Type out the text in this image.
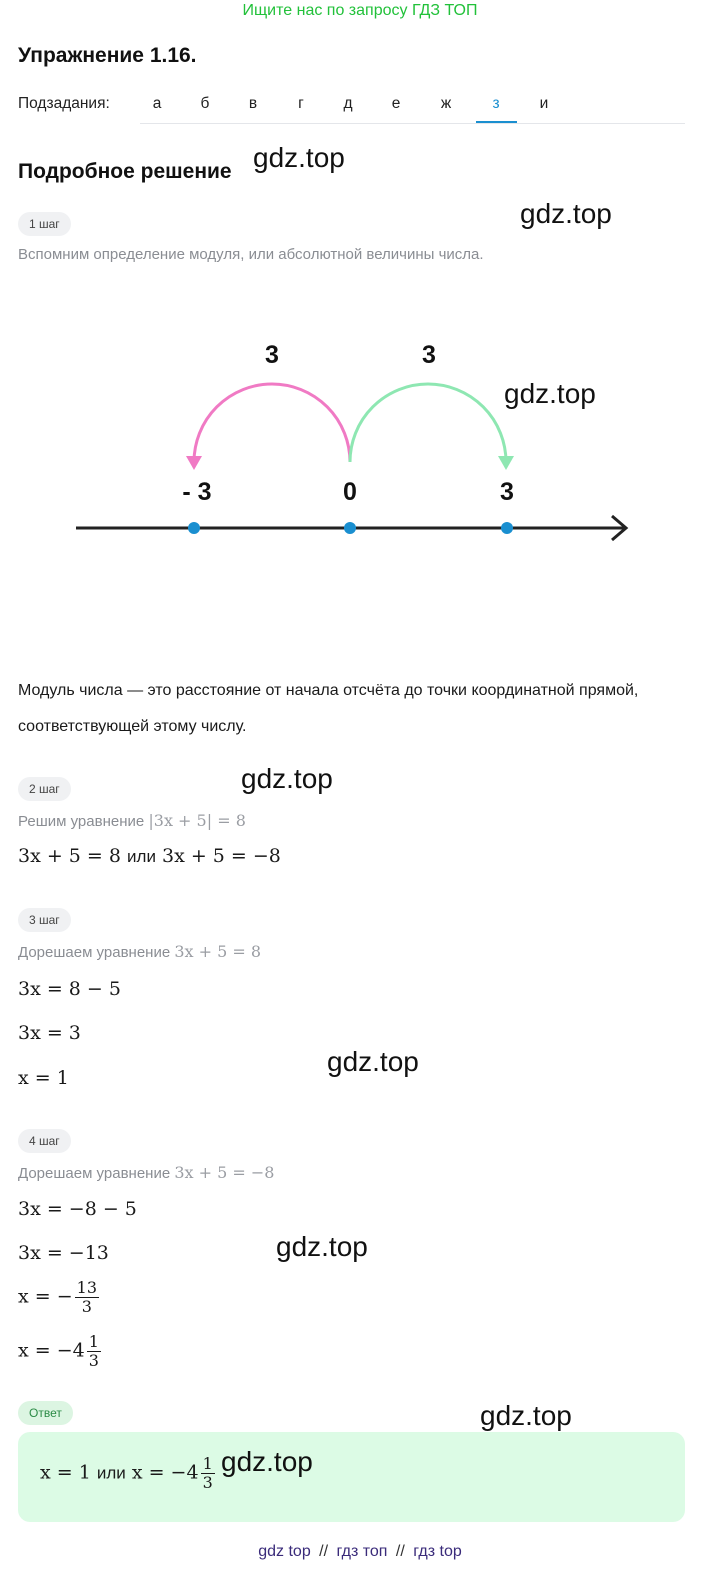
Ищите нас по запросу ГДЗ ТОП
Упражнение 1.16.
Подзадания:	а	б	в	г	д	е	ж	з	и
Подробное решение gdz.top
gdz.top
gdz.top
gdz.top
gdz.top
gdz.top
gdz.top
1 шаг
Вспомним определение модуля, или абсолютной величины числа.
3	3
- 3	0	3
Модуль числа — это расстояние от начала отсчёта до точки координатной прямой, соответствующей этому числу.
2 шаг
Решим уравнение |3x + 5| = 8
3x + 5 = 8 или 3x + 5 = −8
3 шаг
Дорешаем уравнение 3x + 5 = 8
3x = 8 − 5
3x = 3
x = 1
4 шаг
Дорешаем уравнение 3x + 5 = −8
3x = −8 − 5
3x = −13
x = − $\frac{13}{3}$
$x = -4 \frac{1}{3}$
Ответ
x = 1 или $x = -4 \frac{1}{3} gdz.top$
gdz top // гдз топ // гдз top
